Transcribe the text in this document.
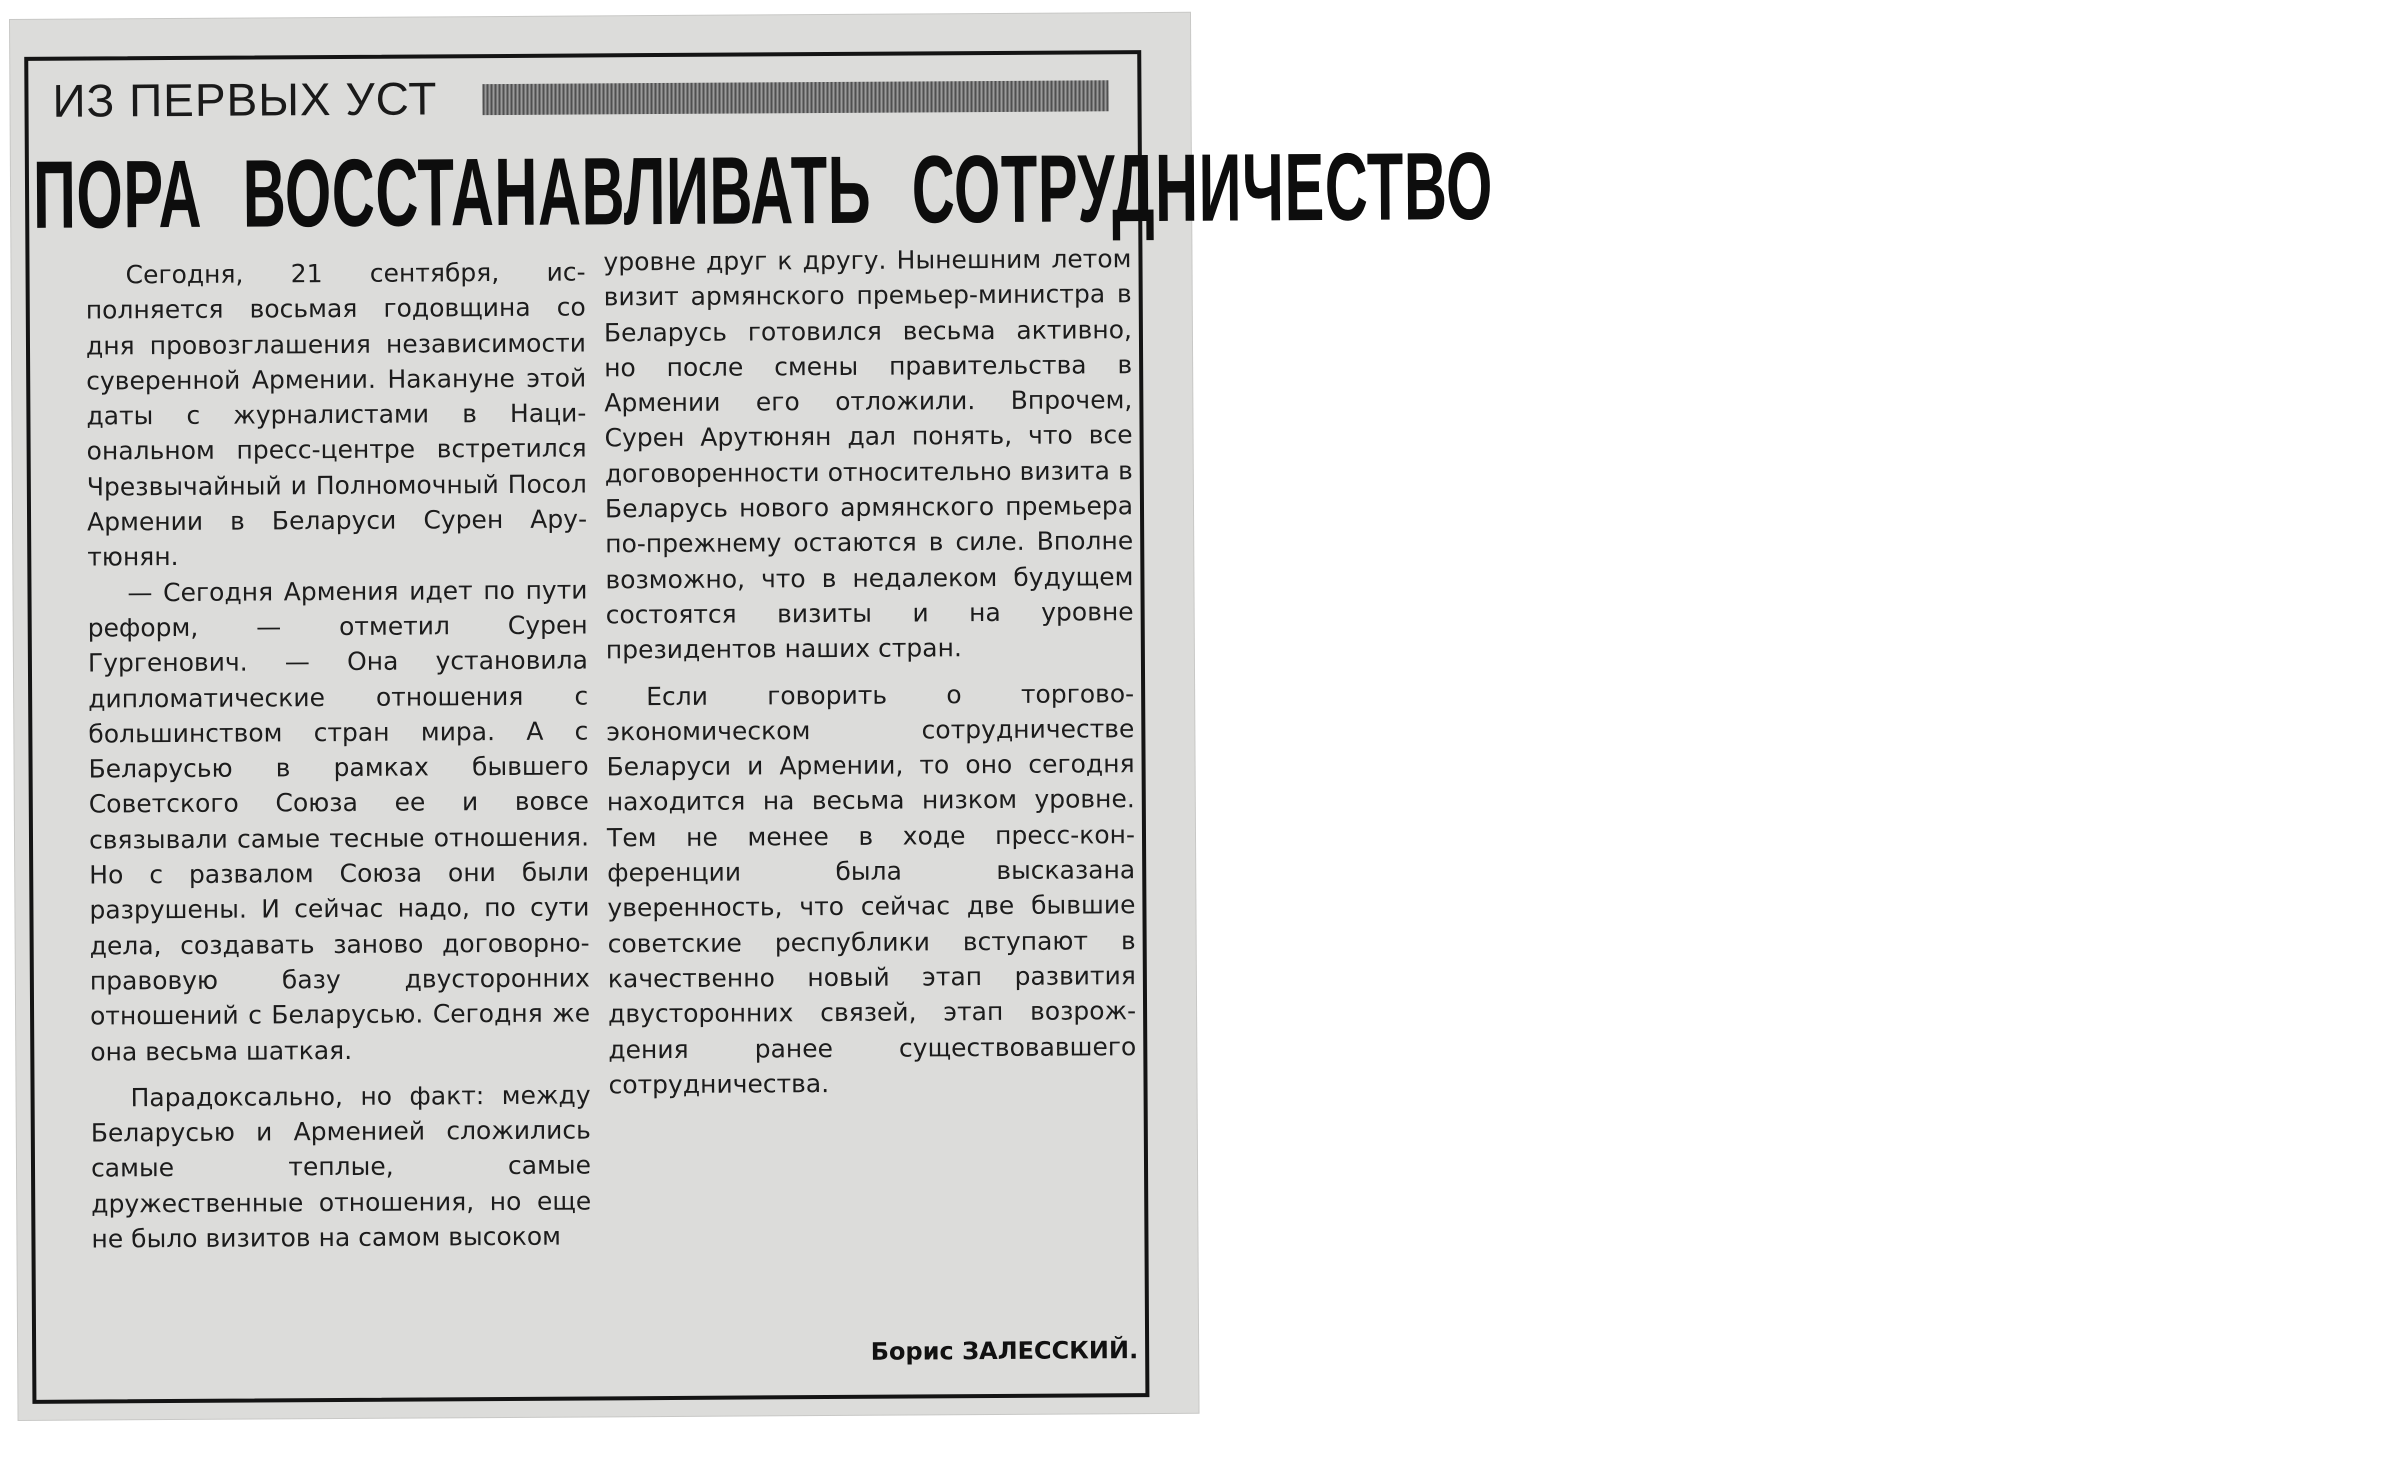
ИЗ ПЕРВЫХ УСТ
ПОРА ВОССТАНАВЛИВАТЬ СОТРУДНИЧЕСТВО

Сегодня, 21 сентября, исполняется восьмая годовщина со дня провозглашения независимости суверенной Армении. Накануне этой даты с журналистами в Национальном пресс-центре встретился Чрезвычайный и Полномочный Посол Армении в Беларуси Сурен Арутюнян.

— Сегодня Армения идет по пути реформ, — отметил Сурен Гургенович. — Она установила дипломатические отношения с большинством стран мира. А с Беларусью в рамках бывшего Советского Союза ее и вовсе связывали самые тесные отношения. Но с развалом Союза они были разрушены. И сейчас надо, по сути дела, создавать заново договорно-правовую базу двусторонних отношений с Беларусью. Сегодня же она весьма шаткая.

Парадоксально, но факт: между Беларусью и Арменией сложились самые теплые, самые дружественные отношения, но еще не было визитов на самом высоком

уровне друг к другу. Нынешним летом визит армянского премьер-министра в Беларусь готовился весьма активно, но после смены правительства в Армении его отложили. Впрочем, Сурен Арутюнян дал понять, что все договоренности относительно визита в Беларусь нового армянского премьера по-прежнему остаются в силе. Вполне возможно, что в недалеком будущем состоятся визиты и на уровне президентов наших стран.

Если говорить о торгово-экономическом сотрудничестве Беларуси и Армении, то оно сегодня находится на весьма низком уровне. Тем не менее в ходе пресс-конференции была высказана уверенность, что сейчас две бывшие советские республики вступают в качественно новый этап развития двусторонних связей, этап возрождения ранее существовавшего сотрудничества.

Борис ЗАЛЕССКИЙ.
